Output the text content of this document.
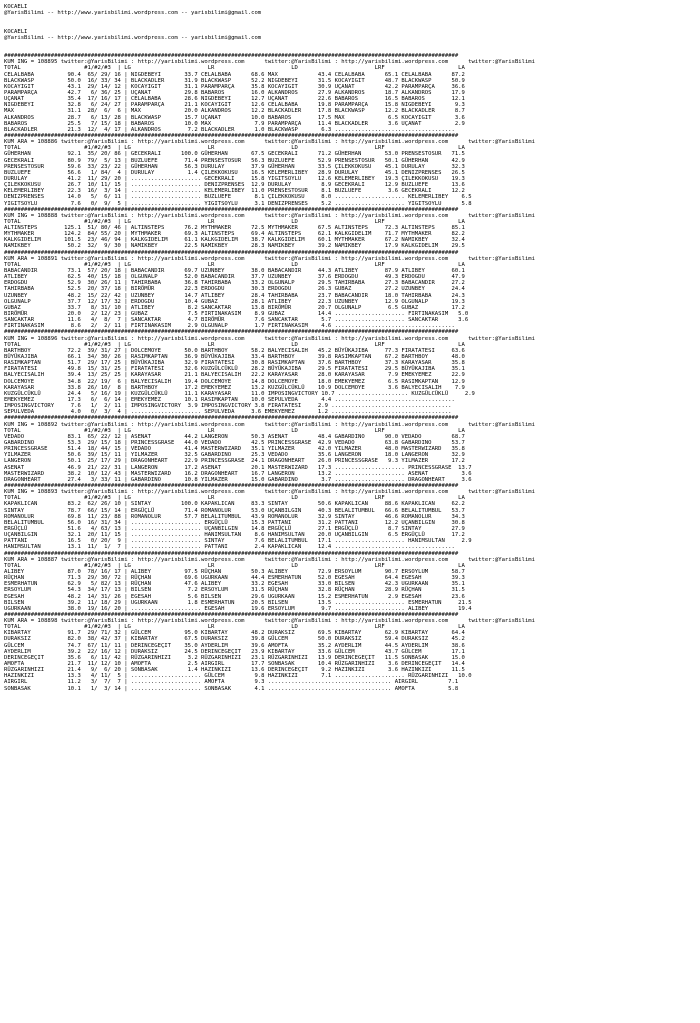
KOCAELI
@YarisBilimi -- http://www.yarisbilimi.wordpress.com -- yarisbilimi@gmail.com
KOCAELI
@YarisBilimi -- http://www.yarisbilimi.wordpress.com -- yarisbilimi@gmail.com
########################################################################################################################################
KUM ING = 108895 twitter:@YarisBilimi : http://yarisbilimi.wordpress.com      twitter:@YarisBilimi : http://yarisbilimi.wordpress.com      twitter:@YarisBilimi
TOTAL                   #1/#2/#3  | LG                       LR                       LD                       LRF                      LA
CELALBABA          90.4  65/ 29/ 16 | NIGDEBEYI       33.7 CELALBABA      68.6 MAX            43.4 CELALBABA      65.1 CELALBABA      87.2
BLACKWASP          50.0  16/ 33/ 34 | BLACKADLER      31.9 BLACKWASP      52.2 NIGDEBEYI      31.5 KOCAYIGIT      48.7 BLACKWASP      50.9
KOCAYIGIT          43.1  29/ 14/ 12 | KOCAYIGIT       31.1 PARAMPARÇA     35.8 KOCAYIGIT      30.9 UÇANAT         42.2 PARAMPARÇA     36.6
PARAMPARÇA         42.7   6/ 36/ 25 | UÇANAT          29.8 BABAROS        16.0 ALKANDROS      27.9 ALKANDROS      18.7 ALKANDROS      17.9
UÇANAT             35.4  17/ 16/ 17 | CELALBABA       28.6 NIGDEBEYI      12.7 UÇANAT         22.6 BABAROS        16.5 BABAROS        12.1
NIGDEBEYI          32.8   6/ 24/ 27 | PARAMPARÇA      21.1 KOCAYIGIT      12.6 CELALBABA      19.8 PARAMPARÇA     15.8 NIGDEBEYI       9.3
MAX                31.1  28/  6/  6 | MAX             20.0 ALKANDROS      12.2 BLACKADLER     17.8 BLACKWASP      12.2 BLACKADLER      8.7
ALKANDROS          28.7   6/ 13/ 28 | BLACKWASP       15.7 UÇANAT         10.0 BABAROS        17.5 MAX             6.5 KOCAYIGIT       3.6
BABAROS            25.5   7/ 15/ 18 | BABAROS         10.0 MAX             7.9 PARAMPARÇA     11.4 BLACKADLER      3.6 UÇANAT          2.9
BLACKADLER         21.3  12/  4/ 17 | ALKANDROS        7.2 BLACKADLER      1.0 BLACKWASP       6.3 ....................................
########################################################################################################################################
KUM ARA = 108886 twitter:@YarisBilimi : http://yarisbilimi.wordpress.com      twitter:@YarisBilimi : http://yarisbilimi.wordpress.com      twitter:@YarisBilimi
TOTAL                   #1/#2/#3  | LG                       LR                       LD                       LRF                      LA
GÜHERHAN           92.1  35/ 20/ 86 | GECEKRALI      100.0 GÜHERHAN       67.5 GECEKRALI      71.2 GÜHERHAN       53.0 PRENSESTOSUR   71.5
GECEKRALI          80.9  79/  5/ 13 | BUZLUEFE        71.4 PRENSESTOSUR   56.3 BUZLUEFE       52.9 PRENSESTOSUR   50.1 GÜHERHAN       42.9
PRENSESTOSUR       59.6  33/ 23/ 22 | GÜHERHAN        56.3 DURULAY        37.9 GÜHERHAN       33.5 ÇILEKKOKUSU    45.1 DURULAY        32.3
BUZLUEFE           56.6   1/ 84/  4 | DURULAY          1.4 ÇILEKKOKUSU    16.5 KELEMERLIBEY   28.9 DURULAY        45.1 DENIZPRENSES   26.5
DURULAY            41.2  11/ 29/ 20 | ..................... GECEKRALI     15.8 YIGITSOYLU     12.6 KELEMERLIBEY   19.3 ÇILEKKOKUSU    19.3
ÇILEKKOKUSU        26.7  10/ 11/ 15 | ..................... DENIZPRENSES  12.9 DURULAY         8.9 GECEKRALI      12.9 BUZLUEFE       13.6
KELEMERLIBEY       22.3  16/  3/ 14 | ..................... KELEMERLIBEY  11.0 PRENSESTOSUR    8.1 BUZLUEFE        3.6 GECEKRALI      12.2
DENIZPRENSES       14.0   5/  6/ 11 | ..................... BUZLUEFE       8.1 ÇILEKKOKUSU     8.0 ..................... KELEMERLIBEY    6.5
YIGITSOYLU          7.6   0/  9/  5 | ..................... YIGITSOYLU     3.1 DENIZPRENSES    5.2 ..................... YIGITSOYLU      5.8
########################################################################################################################################
KUM ING = 108888 twitter:@YarisBilimi : http://yarisbilimi.wordpress.com      twitter:@YarisBilimi : http://yarisbilimi.wordpress.com      twitter:@YarisBilimi
TOTAL                   #1/#2/#3  | LG                       LR                       LD                       LRF                      LA
ALTINSTEPS        125.1  51/ 80/ 46 | ALTINSTEPS      76.2 MYTHMAKER      72.5 MYTHMAKER      67.5 ALTINSTEPS     72.3 ALTINSTEPS     85.1
MYTHMAKER         124.2  84/ 55/ 20 | MYTHMAKER       69.3 ALTINSTEPS     69.4 ALTINSTEPS     62.1 KALKGIDELIM    71.7 MYTHMAKER      82.2
KALKGIDELIM       101.5  23/ 46/ 94 | KALKGIDELIM     61.1 KALKGIDELIM    38.7 KALKGIDELIM    60.1 MYTHMAKER      67.2 NAMIKBEY       32.4
NAMIKBEY           50.2  32/  9/ 30 | NAMIKBEY        22.5 NAMIKBEY       28.3 NAMIKBEY       39.2 NAMIKBEY       17.9 KALKGIDELIM    29.5
########################################################################################################################################
KUM ARA = 108891 twitter:@YarisBilimi : http://yarisbilimi.wordpress.com      twitter:@YarisBilimi : http://yarisbilimi.wordpress.com      twitter:@YarisBilimi
TOTAL                   #1/#2/#3  | LG                       LR                       LD                       LRF                      LA
BABACANDIR         73.1  57/ 20/ 18 | BABACANDIR      69.7 UZUNBEY        38.0 BABACANDIR     44.3 ATLIBEY        87.9 ATLIBEY        60.1
ATLIBEY            62.5  40/ 15/ 18 | OLGUNALP        52.0 BABACANDIR     37.7 UZUNBEY        37.6 ERDOGDU        49.3 ERDOGDU        47.9
ERDOGDU            52.9  30/ 26/ 11 | TAHIRBABA       36.8 TAHIRBABA      33.2 OLGUNALP       29.5 TAHIRBABA      27.3 BABACANDIR     27.2
TAHIRBABA          52.5  20/ 37/ 18 | BIRÖMÜR         22.3 ERDOGDU        30.3 ERDOGDU        26.3 GUBAZ          27.2 UZUNBEY        24.4
UZUNBEY            48.2  15/ 22/ 42 | UZUNBEY         14.7 ATLIBEY        28.4 TAHIRBABA      23.7 BABACANDIR     18.0 TAHIRBABA      24.3
OLGUNALP           37.7  12/ 17/ 32 | ERDOGDU         10.4 GUBAZ          28.1 ATLIBEY        22.3 UZUNBEY        12.9 OLGUNALP       19.3
GUBAZ              33.7   8/ 31/ 10 | ATLIBEY          8.2 SANCAKTAR      13.8 BIRÖMÜR        20.7 OLGUNALP        6.5 GUBAZ          17.2
BIRÖMÜR            20.0   2/ 12/ 23 | GUBAZ            7.5 FIRTINAKASIM    8.9 GUBAZ          14.4 ..................... FIRTINAKASIM   5.0
SANCAKTAR          11.6   4/  8/  7 | SANCAKTAR        4.7 BIRÖMÜR         7.6 SANCAKTAR       5.7 ..................... SANCAKTAR      3.6
FIRTINAKASIM        8.6   2/  2/ 11 | FIRTINAKASIM     2.9 OLGUNALP        1.7 FIRTINAKASIM    4.6 ....................................
########################################################################################################################################
KUM ING = 108896 twitter:@YarisBilimi : http://yarisbilimi.wordpress.com      twitter:@YarisBilimi : http://yarisbilimi.wordpress.com      twitter:@YarisBilimi
TOTAL                   #1/#2/#3  | LG                       LR                       LD                       LRF                      LA
BARTHBOY           72.2  39/ 31/ 27 | DOLCEMOYE       50.0 BARTHBOY       58.2 BALYECISALIH   45.2 BÜYÜKAJIBA     77.3 FIRATATESI     63.6
BÜYÜKAJIBA         66.1  34/ 30/ 26 | RASIMKAPTAN     36.9 BÜYÜKAJIBA     33.4 BARTHBOY       39.8 RASIMKAPTAN    67.2 BARTHBOY       48.0
RASIMKAPTAN        51.7  29/ 17/ 25 | BÜYÜKAJIBA      32.9 FIRATATESI     30.8 RASIMKAPTAN    37.6 BARTHBOY       37.3 KARAYASAR      35.8
FIRATATESI         49.8  15/ 31/ 25 | FIRATATESI      32.6 KUZGÜLCÜKLÜ    28.2 BÜYÜKAJIBA     29.5 FIRATATESI     29.5 BÜYÜKAJIBA     35.1
BALYECISALIH       39.4  13/ 25/ 25 | KARAYASAR       21.1 BALYECISALIH   22.2 KARAYASAR      28.0 KARAYASAR       7.9 EMEKYEMEZ      22.9
DOLCEMOYE          34.8  22/ 19/  6 | BALYECISALIH    19.4 DOLCEMOYE      14.8 DOLCEMOYE      18.0 EMEKYEMEZ       6.5 RASIMKAPTAN    12.9
KARAYASAR          33.8  26/ 10/  8 | BARTHBOY        17.2 EMEKYEMEZ      13.2 KUZGÜLCÜKLÜ    10.9 DOLCEMOYE       3.6 BALYECISALIH    7.9
KUZGÜLCÜKLÜ        24.4   5/ 16/ 19 | KUZGÜLCÜKLÜ     11.1 KARAYASAR      11.0 IMPOSINGVICTORY 10.7 ..................... KUZGÜLCÜKLÜ     2.9
EMEKYEMEZ          17.3   6/  6/ 14 | EMEKYEMEZ       10.1 RASIMKAPTAN    10.0 SEPULVEDA       4.4 ....................................
IMPOSINGVICTORY     7.6   1/  2/ 11 | IMPOSINGVICTORY  3.9 IMPOSINGVICTORY 3.8 FIRATATESI     2.9 ....................................
SEPULVEDA           4.0   0/  3/  4 | ..................... SEPULVEDA     3.6 EMEKYEMEZ       1.2 ....................................
########################################################################################################################################
KUM ING = 108892 twitter:@YarisBilimi : http://yarisbilimi.wordpress.com      twitter:@YarisBilimi : http://yarisbilimi.wordpress.com      twitter:@YarisBilimi
TOTAL                   #1/#2/#3  | LG                       LR                       LD                       LRF                      LA
VEDADO             83.1  65/ 22/ 12 | ASENAT          44.2 LANGERON       50.3 ASENAT         48.4 GABARDINO      90.0 VEDADO         68.7
GABARDINO          53.3  29/ 15/ 18 | PRINCESSGRASE   44.0 VEDADO         42.5 PRINCESSGRASE  42.9 VEDADO         63.8 GABARDINO      53.7
PRINCESSGRASE      51.4  18/ 44/ 15 | VEDADO          41.4 MASTERWIZARD   35.1 YILMAZER       42.0 YILMAZER       48.0 MASTERWIZARD   35.8
YILMAZER           50.6  39/ 15/ 11 | YILMAZER        32.5 GABARDINO      25.3 VEDADO         35.6 LANGERON       18.0 LANGERON       32.9
LANGERON           50.1  25/ 17/ 29 | DRAGONHEART     22.9 PRINCESSGRASE  24.1 DRAGONHEART    26.0 PRINCESSGRASE   9.3 YILMAZER       17.2
ASENAT             46.9  21/ 22/ 31 | LANGERON        17.2 ASENAT         20.1 MASTERWIZARD   17.3 ..................... PRINCESSGRASE  13.7
MASTERWIZARD       38.2  10/ 12/ 43 | MASTERWIZARD    16.2 DRAGONHEART    16.7 LANGERON       13.2 ..................... ASENAT          3.6
DRAGONHEART        27.4   3/ 33/ 11 | GABARDINO       10.8 YILMAZER       15.0 GABARDINO       3.7 ..................... DRAGONHEART     3.6
########################################################################################################################################
KUM ING = 108893 twitter:@YarisBilimi : http://yarisbilimi.wordpress.com      twitter:@YarisBilimi : http://yarisbilimi.wordpress.com      twitter:@YarisBilimi
TOTAL                   #1/#2/#3  | LG                       LR                       LD                       LRF                      LA
KAPAKLICAN         83.2  62/ 26/ 10 | SINTAY         100.0 KAPAKLICAN     83.3 SINTAY         50.6 KAPAKLICAN     88.6 KAPAKLICAN     62.2
SINTAY             78.7  66/ 15/ 14 | ERGÜÇLÜ         71.4 ROMANOLUR      53.0 UÇANBILGIN     40.3 BELALITUMBUL   66.6 BELALITUMBUL   53.7
ROMANOLUR          69.8  11/ 23/ 88 | ROMANOLUR       57.7 BELALITUMBUL   43.9 ROMANOLUR      32.9 SINTAY         46.6 ROMANOLUR      34.3
BELALITUMBUL       56.0  16/ 31/ 34 | ..................... ERGÜÇLÜ       15.3 PATTANI        31.2 PATTANI        12.2 UÇANBILGIN     30.8
ERGÜÇLÜ            51.6   4/ 63/ 13 | ..................... UÇANBILGIN    14.8 ERGÜÇLÜ        27.1 ERGÜÇLÜ         8.7 SINTAY         27.9
UÇANBILGIN         32.1  20/ 11/ 15 | ..................... HANIMSULTAN    8.6 HANIMSULTAN    20.0 UÇANBILGIN      6.5 ERGÜÇLÜ        17.2
PATTANI            16.5   0/ 20/  9 | ..................... SINTAY         7.6 BELALITUMBUL   17.1 ..................... HANIMSULTAN     2.9
HANIMSULTAN        13.1  11/  1/  7 | ..................... PATTANI        2.4 KAPAKLICAN     12.4 ....................................
########################################################################################################################################
KUM ARA = 108887 twitter:@YarisBilimi : http://yarisbilimi.wordpress.com      twitter:@YarisBilimi : http://yarisbilimi.wordpress.com      twitter:@YarisBilimi
TOTAL                   #1/#2/#3  | LG                       LR                       LD                       LRF                      LA
ALIBEY             87.0  78/ 16/ 17 | ALIBEY          97.5 RÜÇHAN         50.3 ALIBEY         72.9 ERSOYLUM       90.7 ERSOYLUM       58.7
RÜÇHAN             71.3  29/ 30/ 72 | RÜÇHAN          69.6 UGURKAAN       44.4 ESMERHATUN     52.0 EGESAH         64.4 EGESAH         39.3
ESMERHATUN         62.9   5/ 82/ 13 | RÜÇHAN          47.6 ALIBEY         33.2 EGESAH         33.0 BILSEN         42.3 UGURKAAN       35.1
ERSOYLUM           54.3  34/ 17/ 13 | BILSEN           7.2 ERSOYLUM       31.5 RÜÇHAN         32.8 RÜÇHAN         28.9 RÜÇHAN         31.5
EGESAH             48.2  14/ 31/ 26 | EGESAH           5.6 BILSEN         29.6 UGURKAAN       15.2 ESMERHATUN      2.9 EGESAH         23.6
BILSEN             39.2  11/ 18/ 29 | UGURKAAN         1.8 ESMERHATUN     20.5 BILSEN         13.5 ..................... ESMERHATUN     21.5
UGURKAAN           38.0  19/ 16/ 20 | ..................... EGESAH        19.6 ERSOYLUM        9.7 ..................... ALIBEY         19.4
########################################################################################################################################
KUM ARA = 108898 twitter:@YarisBilimi : http://yarisbilimi.wordpress.com      twitter:@YarisBilimi : http://yarisbilimi.wordpress.com      twitter:@YarisBilimi
TOTAL                   #1/#2/#3  | LG                       LR                       LD                       LRF                      LA
KIBARTAY           91.7  29/ 71/ 32 | GÜLCEM          95.0 KIBARTAY       48.2 DURAKSIZ       69.5 KIBARTAY       62.9 KIBARTAY       64.4
DURAKSIZ           82.0  38/ 42/ 37 | KIBARTAY        67.5 DURAKSIZ       39.8 GÜLCEM         50.0 DURAKSIZ       59.4 DURAKSIZ       45.2
GÜLCEM             74.7  67/ 11/ 11 | DERINCEGEÇIT    35.0 AYDERLIM       39.6 AMOFTA         35.2 AYDERLIM       44.5 AYDERLIM       38.6
AYDERLIM           39.2  22/ 16/ 12 | DURAKSIZ        24.5 DERINCEGEÇIT   23.9 KIBARTAY       33.6 GÜLCEM         43.7 GÜLCEM         17.1
DERINCEGEÇIT       35.6   6/ 11/ 42 | RÜZGARINHIZI     3.2 RÜZGARINHIZI   23.1 RÜZGARINHIZI   13.9 DERINCEGEÇIT   11.5 SONBASAK       15.0
AMOFTA             21.7  11/ 12/ 10 | AMOFTA           2.5 AIRGIRL        17.7 SONBASAK       10.4 RÜZGARINHIZI    3.6 DERINCEGEÇIT   14.4
RÜZGARINHIZI       21.4   9/  6/ 20 | SONBASAK         1.4 HAZINKIZI      13.6 DERINCEGEÇIT    9.2 HAZINKIZI       3.6 HAZINKIZI      11.5
HAZINKIZI          13.3   4/ 11/  5 | ..................... GÜLCEM         9.8 HAZINKIZI       7.1 ..................... RÜZGARINHIZI   10.0
AIRGIRL            11.2   3/  7/  7 | ..................... AMOFTA         9.3 ..................................... AIRGIRL         7.1
SONBASAK           10.1   1/  3/ 14 | ..................... SONBASAK       4.1 ..................................... AMOFTA          5.8
